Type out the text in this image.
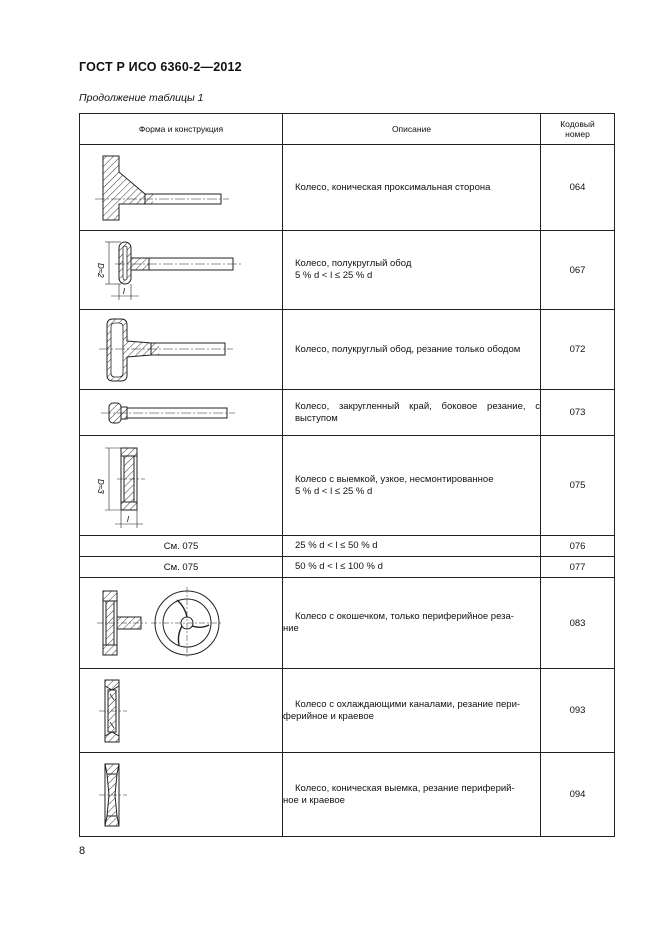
ГОСТ Р ИСО 6360-2—2012
Продолжение таблицы 1
Форма и конструкция	Описание	Кодовый
номер

Колесо, коническая проксимальная сторона	064

D≈2
l	Колесо, полукруглый обод
5 % d < l ≤ 25 % d	067

Колесо, полукруглый обод, резание только ободом	072

Колесо, закругленный край, боковое резание, с выступом	073

D≈3
l	Колесо с выемкой, узкое, несмонтированное
5 % d < l ≤ 25 % d	075
См. 075	25 % d < l ≤ 50 % d	076
См. 075	50 % d < l ≤ 100 % d	077

Колесо с окошечком, только периферийное реза-
ние	083

Колесо с охлаждающими каналами, резание пери-
ферийное и краевое	093

Колесо, коническая выемка, резание периферий-
ное и краевое	094
8
